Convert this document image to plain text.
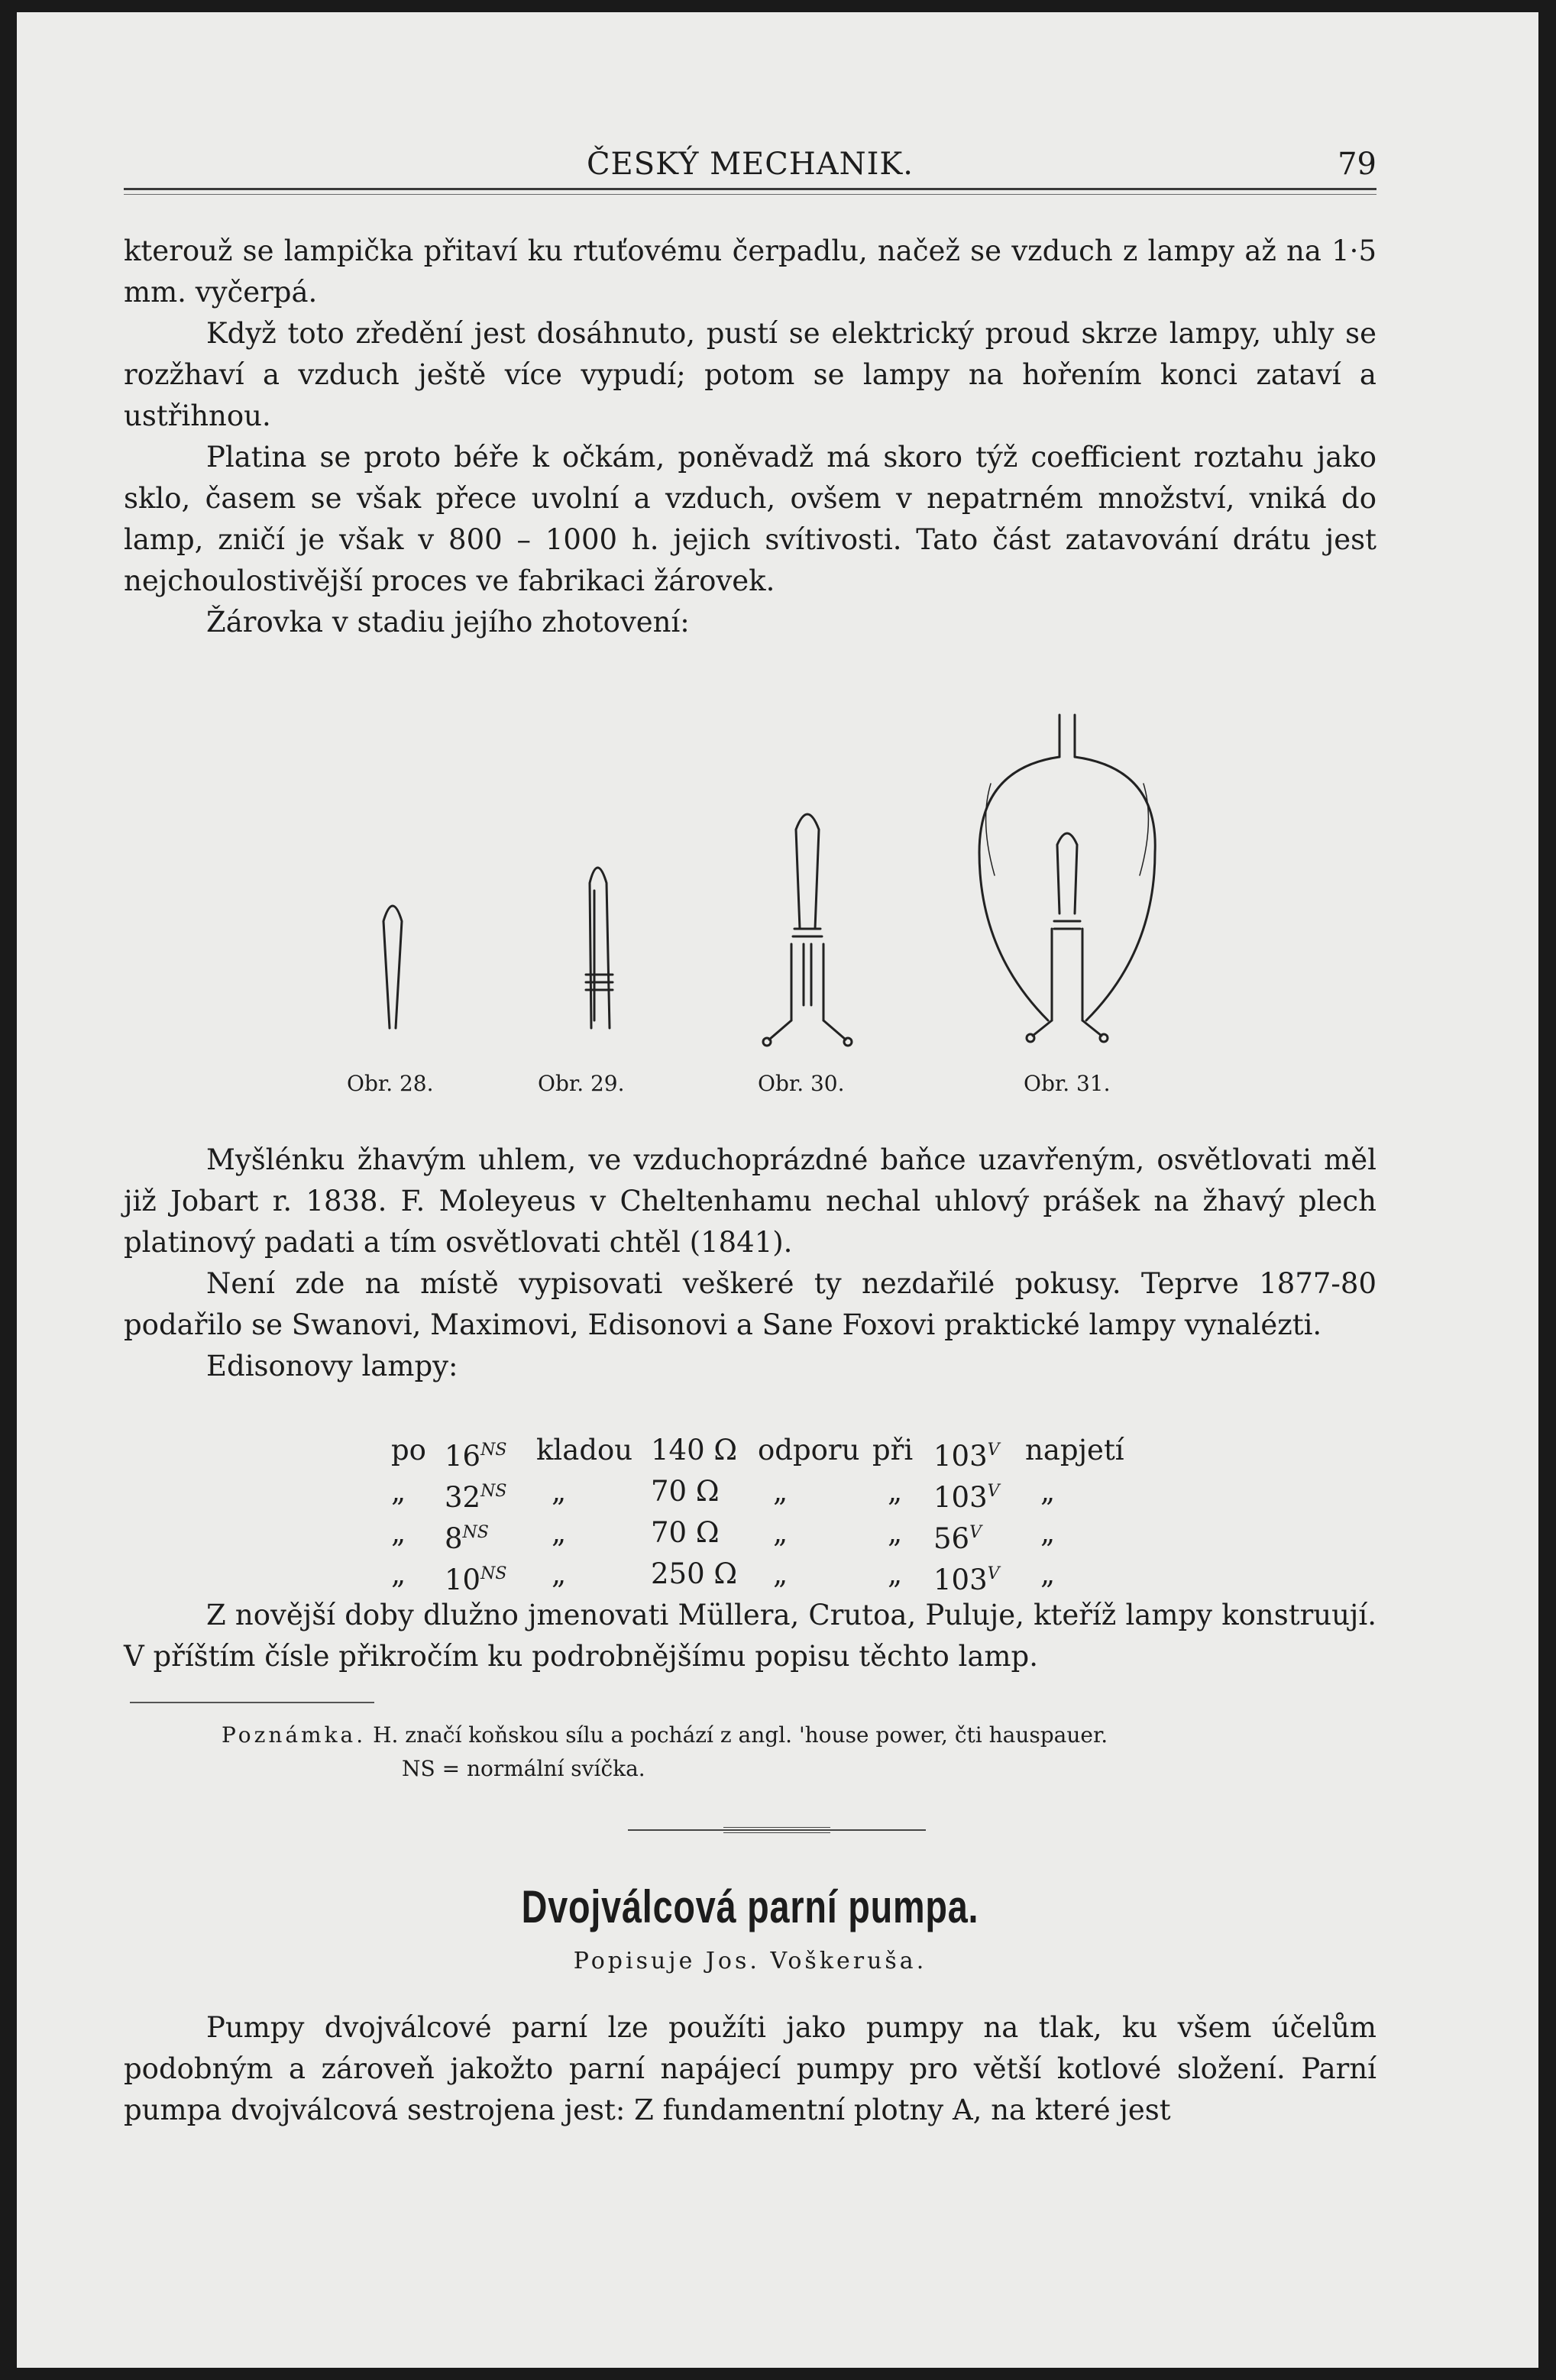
ČESKÝ MECHANIK.	79

kterouž se lampička přitaví ku rtuťovému čerpadlu, načež se vzduch z lampy až na 1·5 mm. vyčerpá.

Když toto zředění jest dosáhnuto, pustí se elektrický proud skrze lampy, uhly se rozžhaví a vzduch ještě více vypudí; potom se lampy na hořením konci zataví a ustřihnou.

Platina se proto béře k očkám, poněvadž má skoro týž coefficient roztahu jako sklo, časem se však přece uvolní a vzduch, ovšem v nepatrném množství, vniká do lamp, zničí je však v 800 – 1000 h. jejich svítivosti. Tato část zatavování drátu jest nejchoulostivější proces ve fabrikaci žárovek.

Žárovka v stadiu jejího zhotovení:

Obr. 28.	Obr. 29.	Obr. 30.	Obr. 31.

Myšlénku žhavým uhlem, ve vzduchoprázdné baňce uzavřeným, osvětlovati měl již Jobart r. 1838. F. Moleyeus v Cheltenhamu nechal uhlový prášek na žhavý plech platinový padati a tím osvětlovati chtěl (1841).

Není zde na místě vypisovati veškeré ty nezdařilé pokusy. Teprve 1877-80 podařilo se Swanovi, Maximovi, Edisonovi a Sane Foxovi praktické lampy vynalézti.

Edisonovy lampy:

po $16^{NS}$ kladou 140 Ω odporu při $103^V$ napjetí
„ $32^{NS}$ „	70 Ω „	„ $103^V$ „
„ $8^{NS}$ „	70 Ω „	„ $56^V$ „
„ $10^{NS}$ „	250 Ω „	„ $103^V$ „

Z novější doby dlužno jmenovati Müllera, Crutoa, Puluje, kteříž lampy konstruují. V příštím čísle přikročím ku podrobnějšímu popisu těchto lamp.

Poznámka. H. značí koňskou sílu a pochází z angl. 'house power, čti hauspauer.
NS = normální svíčka.
Dvojválcová parní pumpa.
Popisuje Jos. Voškeruša.

Pumpy dvojválcové parní lze použíti jako pumpy na tlak, ku všem účelům podobným a zároveň jakožto parní napájecí pumpy pro větší kotlové složení. Parní pumpa dvojválcová sestrojena jest: Z fundamentní plotny A, na které jest
